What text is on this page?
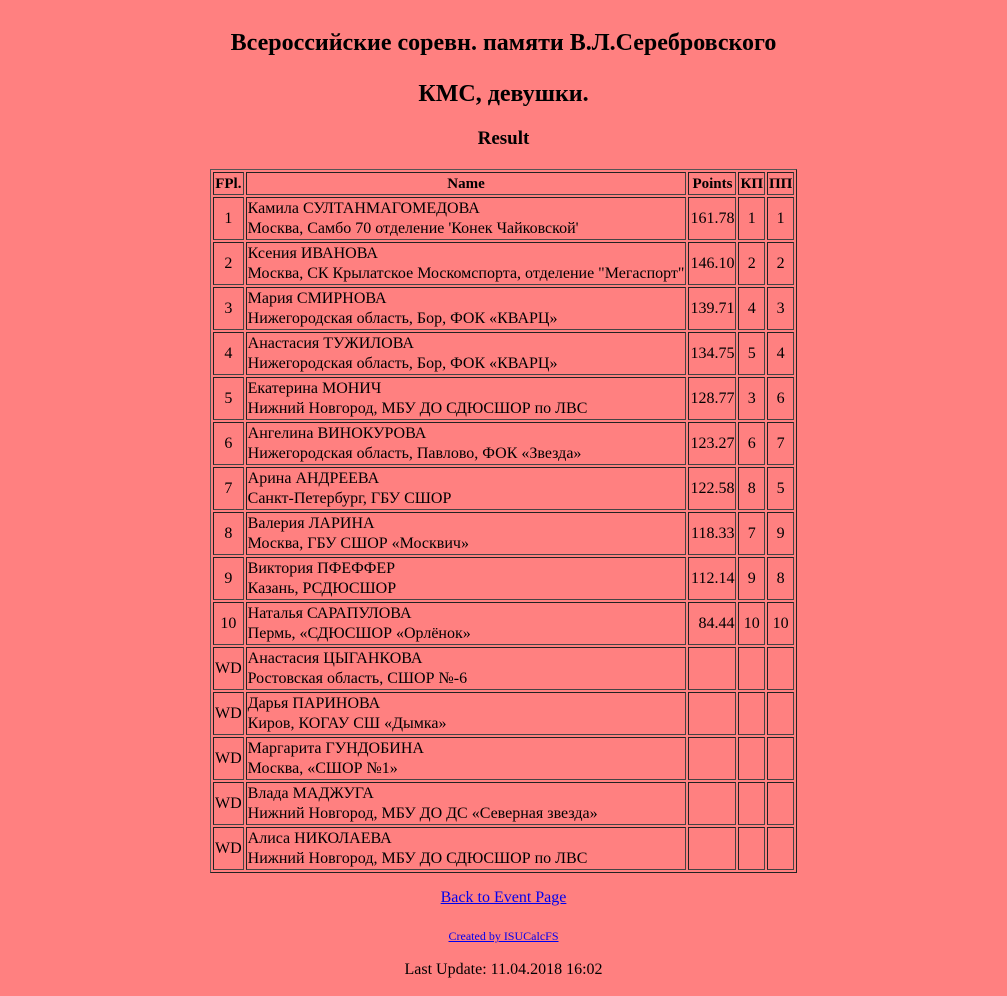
Всероссийские соревн. памяти В.Л.Серебровского
КМС, девушки.
Result
FPl.	Name	Points	КП	ПП
1	Камила СУЛТАНМАГОМЕДОВА
Москва, Самбо 70 отделение 'Конек Чайковской'	161.78	1	1
2	Ксения ИВАНОВА
Москва, СК Крылатское Москомспорта, отделение "Мегаспорт"	146.10	2	2
3	Мария СМИРНОВА
Нижегородская область, Бор, ФОК «КВАРЦ»	139.71	4	3
4	Анастасия ТУЖИЛОВА
Нижегородская область, Бор, ФОК «КВАРЦ»	134.75	5	4
5	Екатерина МОНИЧ
Нижний Новгород, МБУ ДО СДЮСШОР по ЛВС	128.77	3	6
6	Ангелина ВИНОКУРОВА
Нижегородская область, Павлово, ФОК «Звезда»	123.27	6	7
7	Арина АНДРЕЕВА
Санкт-Петербург, ГБУ СШОР	122.58	8	5
8	Валерия ЛАРИНА
Москва, ГБУ СШОР «Москвич»	118.33	7	9
9	Виктория ПФЕФФЕР
Казань, РСДЮСШОР	112.14	9	8
10	Наталья САРАПУЛОВА
Пермь, «СДЮСШОР «Орлёнок»	84.44	10	10
WD	Анастасия ЦЫГАНКОВА
Ростовская область, СШОР №-6			

WD	Дарья ПАРИНОВА
Киров, КОГАУ СШ «Дымка»			

WD	Маргарита ГУНДОБИНА
Москва, «СШОР №1»			

WD	Влада МАДЖУГА
Нижний Новгород, МБУ ДО ДС «Северная звезда»			

WD	Алиса НИКОЛАЕВА
Нижний Новгород, МБУ ДО СДЮСШОР по ЛВС			

Back to Event Page
Created by ISUCalcFS
Last Update: 11.04.2018 16:02
